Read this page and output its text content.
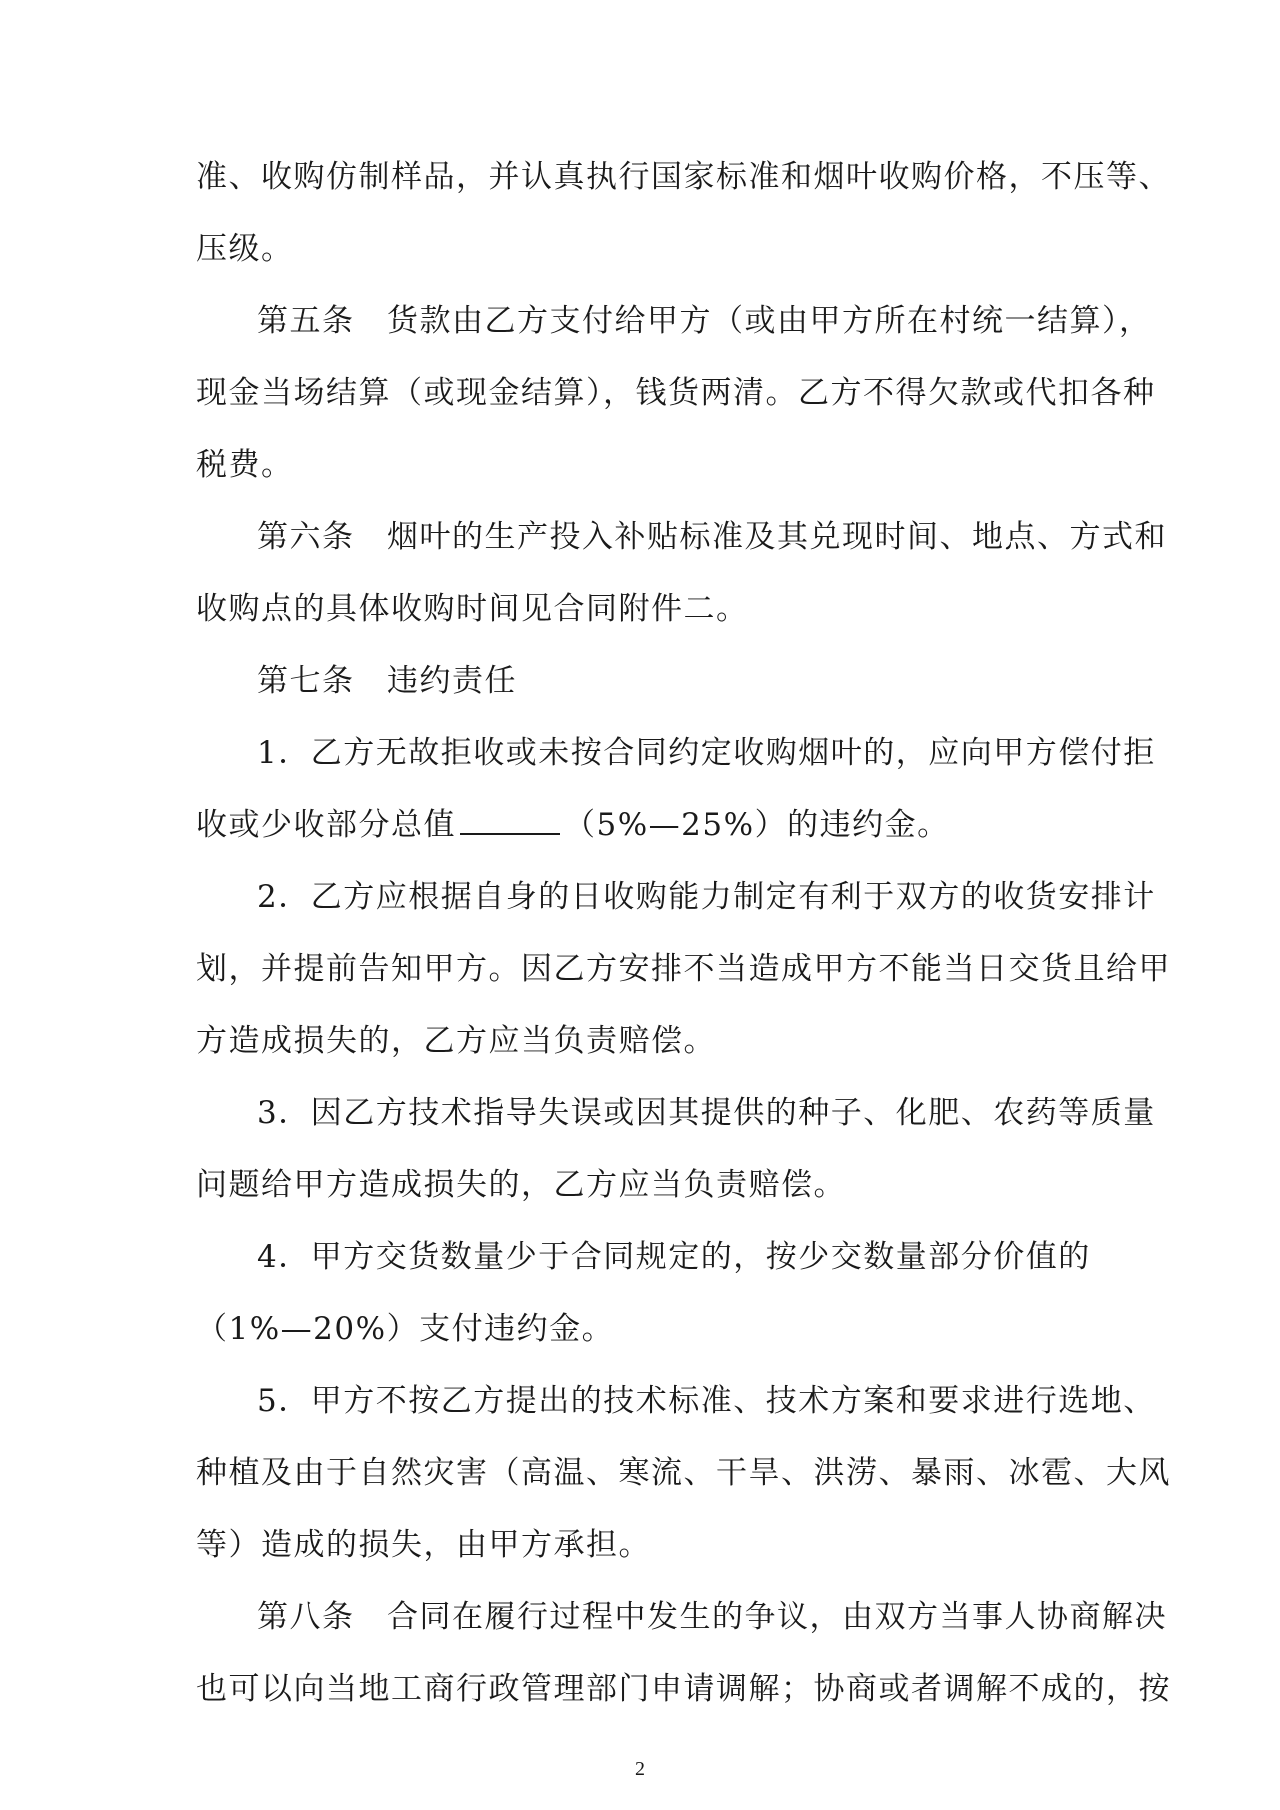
准、收购仿制样品，并认真执行国家标准和烟叶收购价格，不压等、
压级。
第五条　货款由乙方支付给甲方（或由甲方所在村统一结算），
现金当场结算（或现金结算），钱货两清。乙方不得欠款或代扣各种
税费。
第六条　烟叶的生产投入补贴标准及其兑现时间、地点、方式和
收购点的具体收购时间见合同附件二。
第七条　违约责任
1．乙方无故拒收或未按合同约定收购烟叶的，应向甲方偿付拒
收或少收部分总值	（5%—25%）的违约金。
2．乙方应根据自身的日收购能力制定有利于双方的收货安排计
划，并提前告知甲方。因乙方安排不当造成甲方不能当日交货且给甲
方造成损失的，乙方应当负责赔偿。
3．因乙方技术指导失误或因其提供的种子、化肥、农药等质量
问题给甲方造成损失的，乙方应当负责赔偿。
4．甲方交货数量少于合同规定的，按少交数量部分价值的
（1%—20%）支付违约金。
5．甲方不按乙方提出的技术标准、技术方案和要求进行选地、
种植及由于自然灾害（高温、寒流、干旱、洪涝、暴雨、冰雹、大风
等）造成的损失，由甲方承担。
第八条　合同在履行过程中发生的争议，由双方当事人协商解决
也可以向当地工商行政管理部门申请调解；协商或者调解不成的，按
2
